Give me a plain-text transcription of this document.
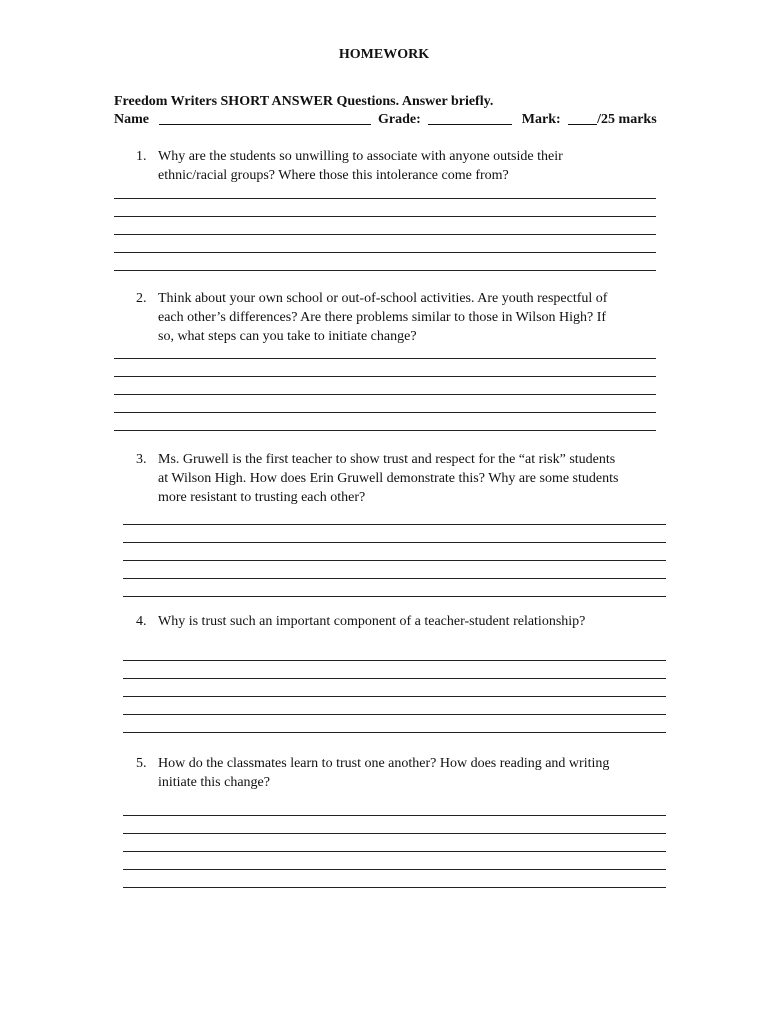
HOMEWORK
Freedom Writers SHORT ANSWER Questions. Answer briefly.
Name	Grade:	Mark:	/25 marks
1. Why are the students so unwilling to associate with anyone outside their
ethnic/racial groups? Where those this intolerance come from?
2. Think about your own school or out-of-school activities. Are youth respectful of
each other’s differences? Are there problems similar to those in Wilson High? If
so, what steps can you take to initiate change?
3. Ms. Gruwell is the first teacher to show trust and respect for the “at risk” students
at Wilson High. How does Erin Gruwell demonstrate this? Why are some students
more resistant to trusting each other?
4. Why is trust such an important component of a teacher-student relationship?
5. How do the classmates learn to trust one another? How does reading and writing
initiate this change?
